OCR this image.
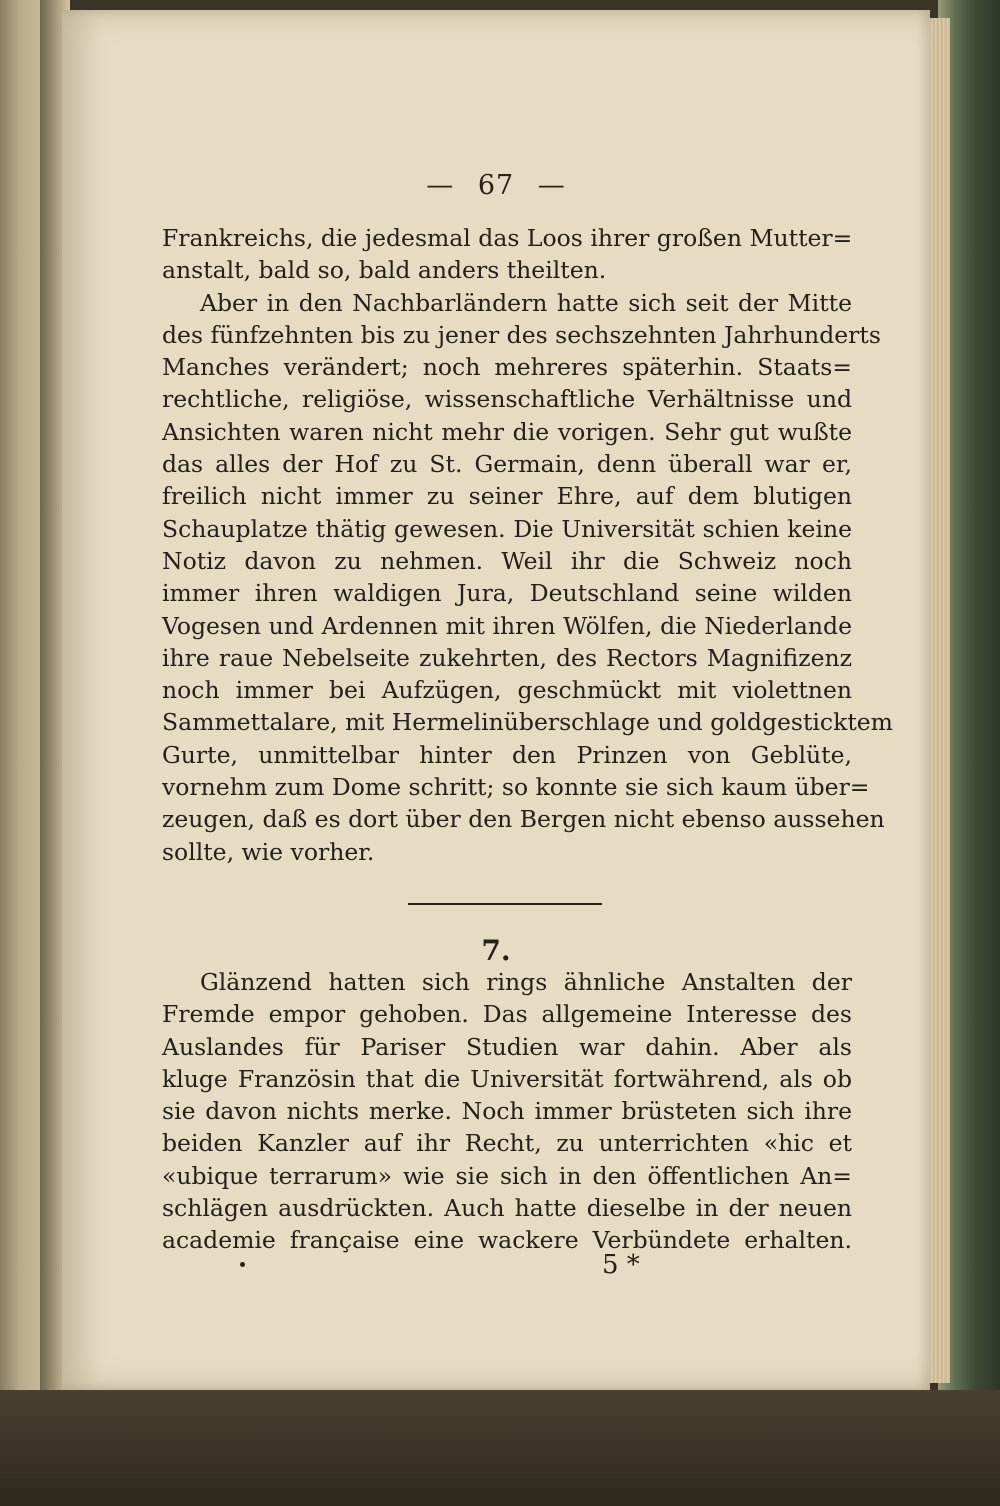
— 67 —
Frankreichs, die jedesmal das Loos ihrer großen Mutter=
anstalt, bald so, bald anders theilten.
Aber in den Nachbarländern hatte sich seit der Mitte
des fünfzehnten bis zu jener des sechszehnten Jahrhunderts
Manches verändert; noch mehreres späterhin. Staats=
rechtliche, religiöse, wissenschaftliche Verhältnisse und
Ansichten waren nicht mehr die vorigen. Sehr gut wußte
das alles der Hof zu St. Germain, denn überall war er,
freilich nicht immer zu seiner Ehre, auf dem blutigen
Schauplatze thätig gewesen. Die Universität schien keine
Notiz davon zu nehmen. Weil ihr die Schweiz noch
immer ihren waldigen Jura, Deutschland seine wilden
Vogesen und Ardennen mit ihren Wölfen, die Niederlande
ihre raue Nebelseite zukehrten, des Rectors Magnifizenz
noch immer bei Aufzügen, geschmückt mit violettnen
Sammettalare, mit Hermelinüberschlage und goldgesticktem
Gurte, unmittelbar hinter den Prinzen von Geblüte,
vornehm zum Dome schritt; so konnte sie sich kaum über=
zeugen, daß es dort über den Bergen nicht ebenso aussehen
sollte, wie vorher.
7.
Glänzend hatten sich rings ähnliche Anstalten der
Fremde empor gehoben. Das allgemeine Interesse des
Auslandes für Pariser Studien war dahin. Aber als
kluge Französin that die Universität fortwährend, als ob
sie davon nichts merke. Noch immer brüsteten sich ihre
beiden Kanzler auf ihr Recht, zu unterrichten «hic et
«ubique terrarum» wie sie sich in den öffentlichen An=
schlägen ausdrückten. Auch hatte dieselbe in der neuen
academie française eine wackere Verbündete erhalten.
5 *
